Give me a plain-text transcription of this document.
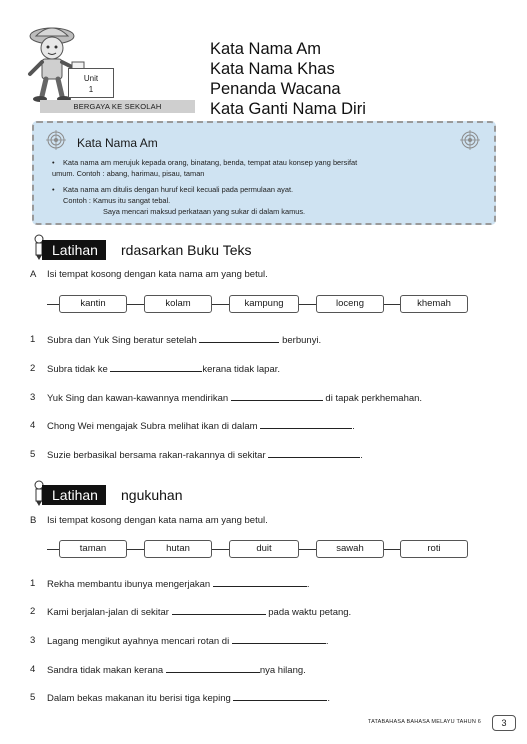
Unit
1
BERGAYA KE SEKOLAH
Kata Nama Am
Kata Nama Khas
Penanda Wacana
Kata Ganti Nama Diri
Kata Nama Am
• Kata nama am merujuk kepada orang, binatang, benda, tempat atau konsep yang bersifat
umum. Contoh : abang, harimau, pisau, taman
• Kata nama am ditulis dengan huruf kecil kecuali pada permulaan ayat.
Contoh : Kamus itu sangat tebal.
Saya mencari maksud perkataan yang sukar di dalam kamus.
Latihan	rdasarkan Buku Teks
A Isi tempat kosong dengan kata nama am yang betul.
kantin	kolam	kampung	loceng	khemah
1 Subra dan Yuk Sing beratur setelah	berbunyi.
2 Subra tidak ke	kerana tidak lapar.
3 Yuk Sing dan kawan-kawannya mendirikan	di tapak perkhemahan.
4 Chong Wei mengajak Subra melihat ikan di dalam	.
5 Suzie berbasikal bersama rakan-rakannya di sekitar	.
Latihan	ngukuhan
B Isi tempat kosong dengan kata nama am yang betul.
taman	hutan	duit	sawah	roti
1 Rekha membantu ibunya mengerjakan	.
2 Kami berjalan-jalan di sekitar	pada waktu petang.
3 Lagang mengikut ayahnya mencari rotan di	.
4 Sandra tidak makan kerana	nya hilang.
5 Dalam bekas makanan itu berisi tiga keping	.
TATABAHASA BAHASA MELAYU TAHUN 6	3
